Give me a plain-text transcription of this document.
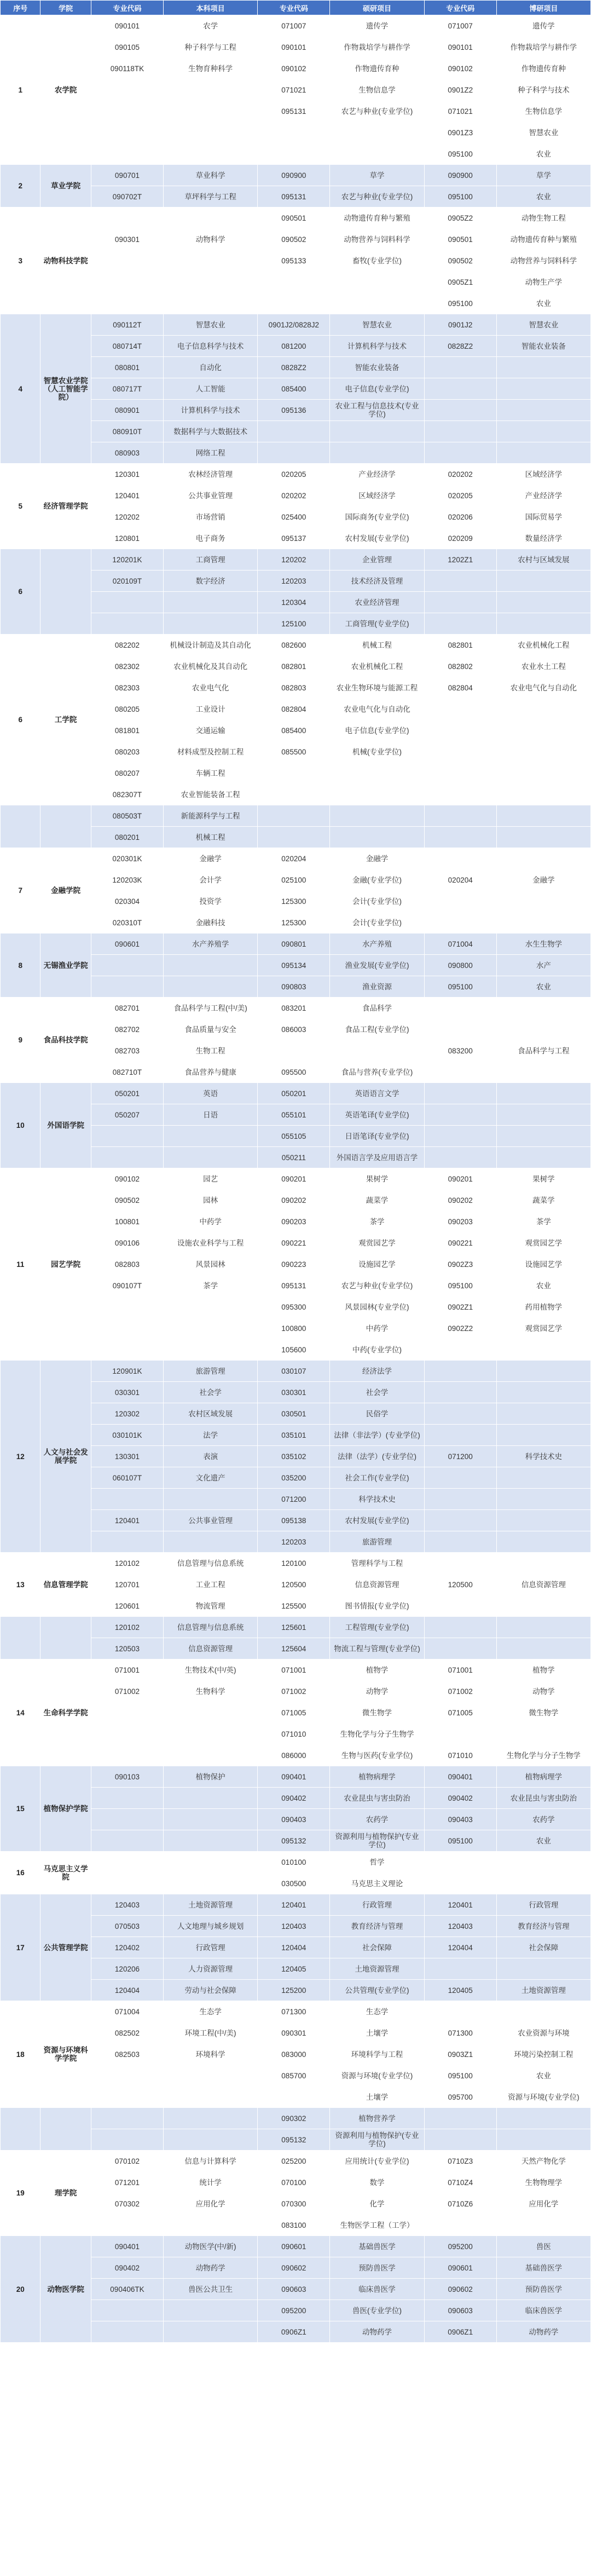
序号	学院	专业代码	本科项目	专业代码	硕研项目	专业代码	博研项目
1	农学院	090101	农学	071007	遗传学	071007	遗传学
		090105	种子科学与工程	090101	作物栽培学与耕作学	090101	作物栽培学与耕作学
		090118TK	生物育种科学	090102	作物遗传育种	090102	作物遗传育种
				071021	生物信息学	0901Z2	种子科学与技术
				095131	农艺与种业(专业学位)	071021	生物信息学
						0901Z3	智慧农业
						095100	农业
2	草业学院	090701	草业科学	090900	草学	090900	草学
		090702T	草坪科学与工程	095131	农艺与种业(专业学位)	095100	农业
3	动物科技学院			090501	动物遗传育种与繁殖	0905Z2	动物生物工程
		090301	动物科学	090502	动物营养与饲料科学	090501	动物遗传育种与繁殖
				095133	畜牧(专业学位)	090502	动物营养与饲料科学
						0905Z1	动物生产学
						095100	农业
4	智慧农业学院（人工智能学院）	090112T	智慧农业	0901J2/0828J2	智慧农业	0901J2	智慧农业
		080714T	电子信息科学与技术	081200	计算机科学与技术	0828Z2	智能农业装备
		080801	自动化	0828Z2	智能农业装备		
		080717T	人工智能	085400	电子信息(专业学位)		
		080901	计算机科学与技术	095136	农业工程与信息技术(专业学位)		
		080910T	数据科学与大数据技术				
		080903	网络工程				
5	经济管理学院	120301	农林经济管理	020205	产业经济学	020202	区域经济学
		120401	公共事业管理	020202	区域经济学	020205	产业经济学
		120202	市场营销	025400	国际商务(专业学位)	020206	国际贸易学
		120801	电子商务	095137	农村发展(专业学位)	020209	数量经济学
6		120201K	工商管理	120202	企业管理	1202Z1	农村与区域发展
		020109T	数字经济	120203	技术经济及管理		
				120304	农业经济管理		
				125100	工商管理(专业学位)		
6	工学院	082202	机械设计制造及其自动化	082600	机械工程	082801	农业机械化工程
		082302	农业机械化及其自动化	082801	农业机械化工程	082802	农业水土工程
		082303	农业电气化	082803	农业生物环境与能源工程	082804	农业电气化与自动化
		080205	工业设计	082804	农业电气化与自动化		
		081801	交通运输	085400	电子信息(专业学位)		
		080203	材料成型及控制工程	085500	机械(专业学位)		
		080207	车辆工程				
		082307T	农业智能装备工程				
		080503T	新能源科学与工程				
		080201	机械工程				
7	金融学院	020301K	金融学	020204	金融学		
		120203K	会计学	025100	金融(专业学位)	020204	金融学
		020304	投资学	125300	会计(专业学位)		
		020310T	金融科技	125300	会计(专业学位)		
8	无锡渔业学院	090601	水产养殖学	090801	水产养殖	071004	水生生物学
				095134	渔业发展(专业学位)	090800	水产
				090803	渔业资源	095100	农业
9	食品科技学院	082701	食品科学与工程(中/美)	083201	食品科学		
		082702	食品质量与安全	086003	食品工程(专业学位)		
		082703	生物工程			083200	食品科学与工程
		082710T	食品营养与健康	095500	食品与营养(专业学位)		
10	外国语学院	050201	英语	050201	英语语言文学		
		050207	日语	055101	英语笔译(专业学位)		
				055105	日语笔译(专业学位)		
				050211	外国语言学及应用语言学		
11	园艺学院	090102	园艺	090201	果树学	090201	果树学
		090502	园林	090202	蔬菜学	090202	蔬菜学
		100801	中药学	090203	茶学	090203	茶学
		090106	设施农业科学与工程	090221	观赏园艺学	090221	观赏园艺学
		082803	风景园林	090223	设施园艺学	0902Z3	设施园艺学
		090107T	茶学	095131	农艺与种业(专业学位)	095100	农业
				095300	风景园林(专业学位)	0902Z1	药用植物学
				100800	中药学	0902Z2	观赏园艺学
				105600	中药(专业学位)		
12	人文与社会发展学院	120901K	旅游管理	030107	经济法学		
		030301	社会学	030301	社会学		
		120302	农村区域发展	030501	民俗学		
		030101K	法学	035101	法律（非法学）(专业学位)		
		130301	表演	035102	法律（法学）(专业学位)	071200	科学技术史
		060107T	文化遗产	035200	社会工作(专业学位)		
				071200	科学技术史		
		120401	公共事业管理	095138	农村发展(专业学位)		
				120203	旅游管理		
13	信息管理学院	120102	信息管理与信息系统	120100	管理科学与工程		
		120701	工业工程	120500	信息资源管理	120500	信息资源管理
		120601	物流管理	125500	图书情报(专业学位)		
		120102	信息管理与信息系统	125601	工程管理(专业学位)		
		120503	信息资源管理	125604	物流工程与管理(专业学位)		
14	生命科学学院	071001	生物技术(中/英)	071001	植物学	071001	植物学
		071002	生物科学	071002	动物学	071002	动物学
				071005	微生物学	071005	微生物学
				071010	生物化学与分子生物学		
				086000	生物与医药(专业学位)	071010	生物化学与分子生物学
15	植物保护学院	090103	植物保护	090401	植物病理学	090401	植物病理学
				090402	农业昆虫与害虫防治	090402	农业昆虫与害虫防治
				090403	农药学	090403	农药学
				095132	资源利用与植物保护(专业学位)	095100	农业
16	马克思主义学院			010100	哲学		
				030500	马克思主义理论		
17	公共管理学院	120403	土地资源管理	120401	行政管理	120401	行政管理
		070503	人文地理与城乡规划	120403	教育经济与管理	120403	教育经济与管理
		120402	行政管理	120404	社会保障	120404	社会保障
		120206	人力资源管理	120405	土地资源管理		
		120404	劳动与社会保障	125200	公共管理(专业学位)	120405	土地资源管理
18	资源与环境科学学院	071004	生态学	071300	生态学		
		082502	环境工程(中/美)	090301	土壤学	071300	农业资源与环境
		082503	环境科学	083000	环境科学与工程	0903Z1	环境污染控制工程
				085700	资源与环境(专业学位)	095100	农业
					土壤学	095700	资源与环境(专业学位)
				090302	植物营养学		
				095132	资源利用与植物保护(专业学位)		
19	理学院	070102	信息与计算科学	025200	应用统计(专业学位)	0710Z3	天然产物化学
		071201	统计学	070100	数学	0710Z4	生物物理学
		070302	应用化学	070300	化学	0710Z6	应用化学
				083100	生物医学工程（工学）		
20	动物医学院	090401	动物医学(中/新)	090601	基础兽医学	095200	兽医
		090402	动物药学	090602	预防兽医学	090601	基础兽医学
		090406TK	兽医公共卫生	090603	临床兽医学	090602	预防兽医学
				095200	兽医(专业学位)	090603	临床兽医学
				0906Z1	动物药学	0906Z1	动物药学
